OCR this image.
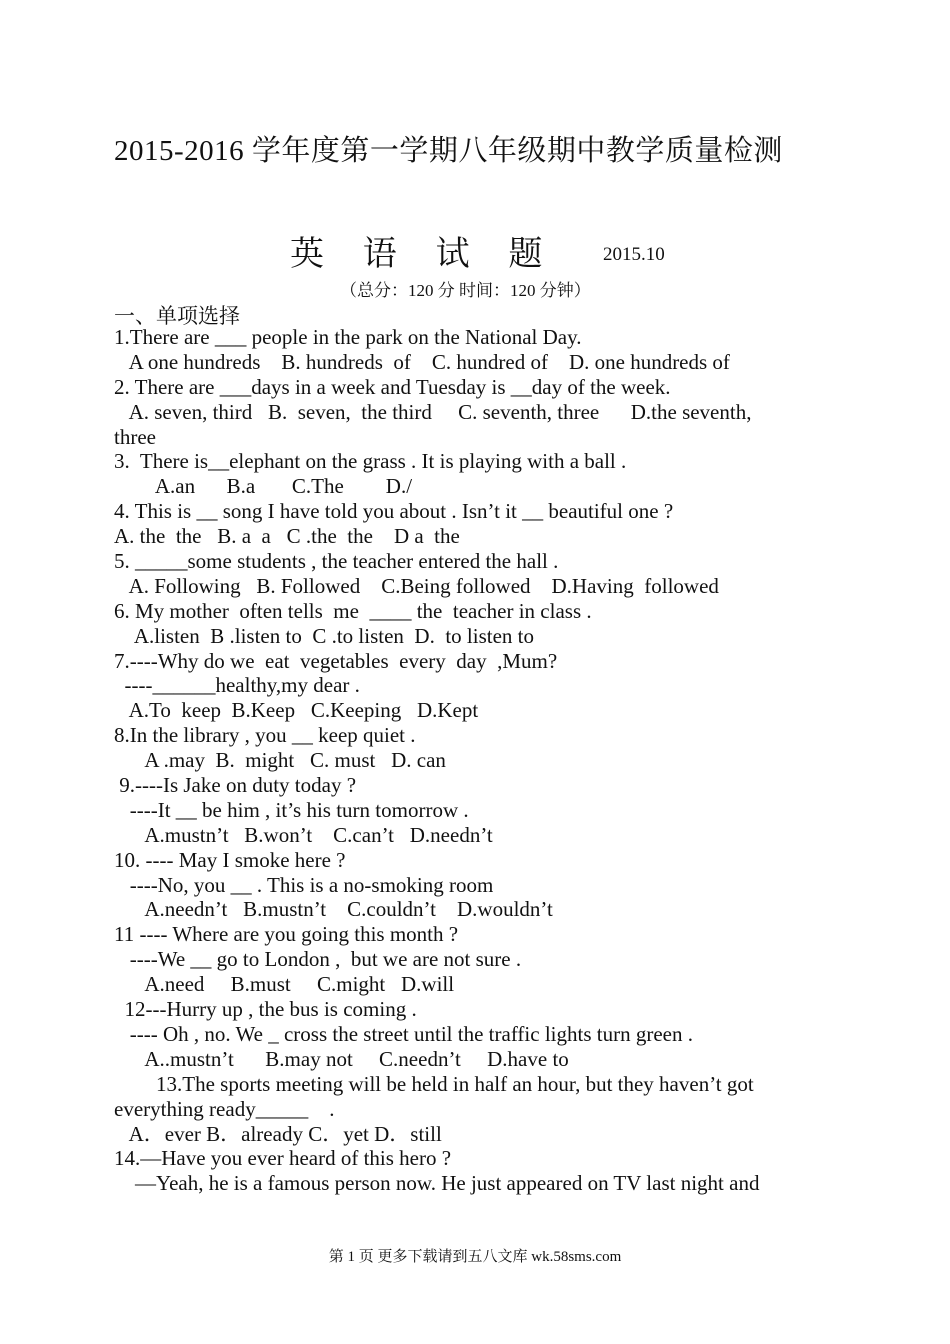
2015-2016 学年度第一学期八年级期中教学质量检测
英 语 试 题 2015.10
（总分：120 分 时间：120 分钟）
一、单项选择
1.There are ___ people in the park on the National Day.
A one hundreds    B. hundreds  of    C. hundred of    D. one hundreds of
2. There are ___days in a week and Tuesday is __day of the week.
A. seven, third   B.  seven,  the third     C. seventh, three      D.the seventh,
three
3.  There is__elephant on the grass . It is playing with a ball .
A.an      B.a       C.The        D./
4. This is __ song I have told you about . Isn’t it __ beautiful one ?
A. the  the   B. a  a   C .the  the    D a  the
5. _____some students , the teacher entered the hall .
A. Following   B. Followed    C.Being followed    D.Having  followed
6. My mother  often tells  me  ____ the  teacher in class .
A.listen  B .listen to  C .to listen  D.  to listen to
7.----Why do we  eat  vegetables  every  day  ,Mum?
----______healthy,my dear .
A.To  keep  B.Keep   C.Keeping   D.Kept
8.In the library , you __ keep quiet .
A .may  B.  might   C. must   D. can
9.----Is Jake on duty today ?
----It __ be him , it’s his turn tomorrow .
A.mustn’t   B.won’t    C.can’t   D.needn’t
10. ---- May I smoke here ?
----No, you __ . This is a no-smoking room
A.needn’t   B.mustn’t    C.couldn’t    D.wouldn’t
11 ---- Where are you going this month ?
----We __ go to London ,  but we are not sure .
A.need     B.must     C.might   D.will
12---Hurry up , the bus is coming .
---- Oh , no. We _ cross the street until the traffic lights turn green .
A..mustn’t      B.may not     C.needn’t     D.have to
13.The sports meeting will be held in half an hour, but they haven’t got
everything ready_____    .
A．ever B．already C．yet D．still
14.—Have you ever heard of this hero ?
—Yeah, he is a famous person now. He just appeared on TV last night and
第 1 页 更多下载请到五八文库 wk.58sms.com
